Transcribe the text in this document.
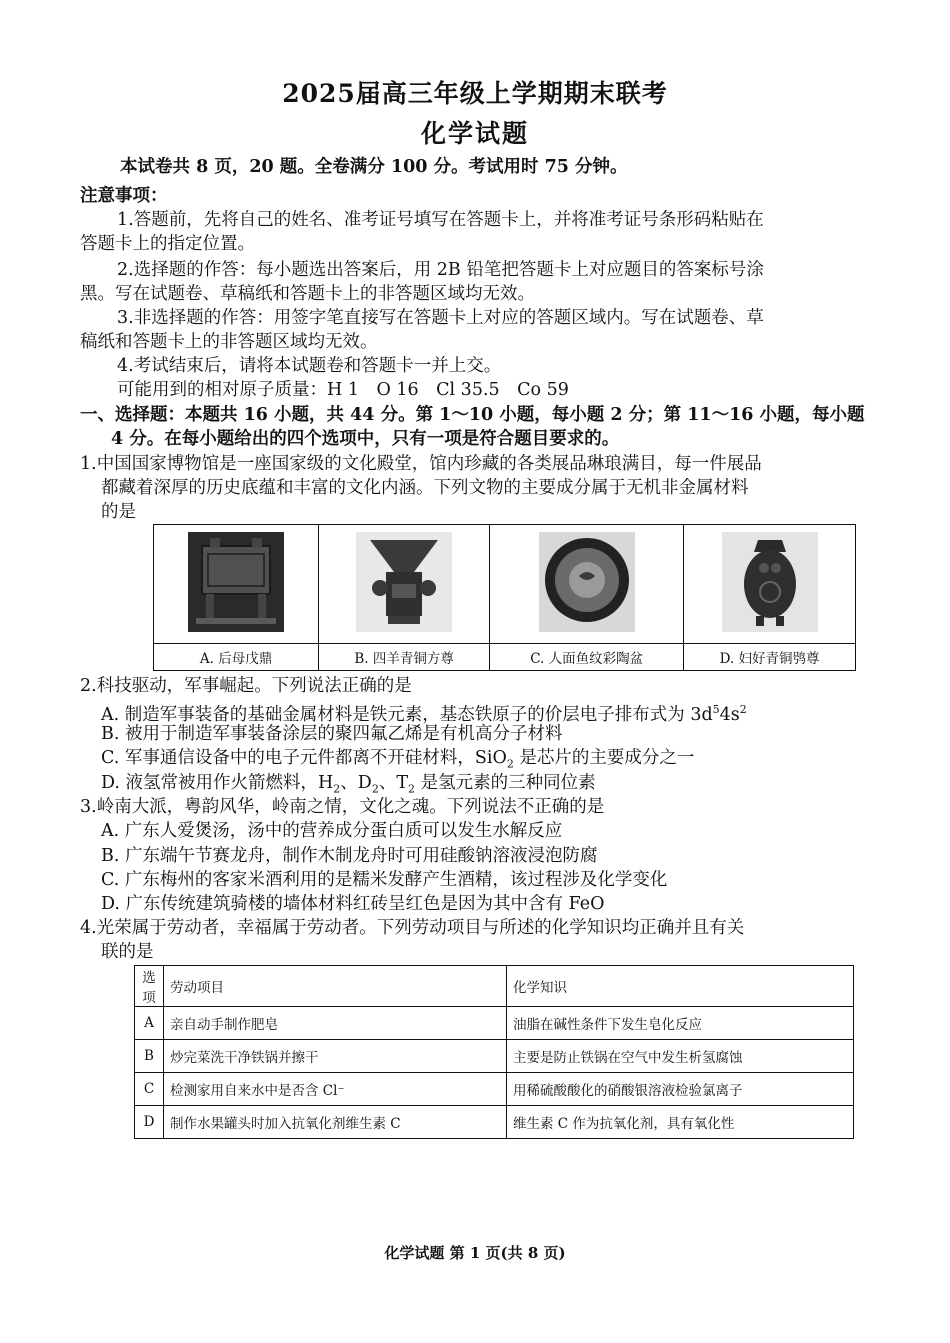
2025届高三年级上学期期末联考
化学试题
本试卷共 8 页，20 题。全卷满分 100 分。考试用时 75 分钟。
注意事项：
1.答题前，先将自己的姓名、准考证号填写在答题卡上，并将准考证号条形码粘贴在
答题卡上的指定位置。
2.选择题的作答：每小题选出答案后，用 2B 铅笔把答题卡上对应题目的答案标号涂
黑。写在试题卷、草稿纸和答题卡上的非答题区域均无效。
3.非选择题的作答：用签字笔直接写在答题卡上对应的答题区域内。写在试题卷、草
稿纸和答题卡上的非答题区域均无效。
4.考试结束后，请将本试题卷和答题卡一并上交。
可能用到的相对原子质量：H 1　O 16　Cl 35.5　Co 59
一、选择题：本题共 16 小题，共 44 分。第 1～10 小题，每小题 2 分；第 11～16 小题，每小题
4 分。在每小题给出的四个选项中，只有一项是符合题目要求的。
1.中国国家博物馆是一座国家级的文化殿堂，馆内珍藏的各类展品琳琅满目，每一件展品
都藏着深厚的历史底蕴和丰富的文化内涵。下列文物的主要成分属于无机非金属材料
的是

A. 后母戊鼎	B. 四羊青铜方尊	C. 人面鱼纹彩陶盆	D. 妇好青铜鸮尊
2.科技驱动，军事崛起。下列说法正确的是
A. 制造军事装备的基础金属材料是铁元素，基态铁原子的价层电子排布式为 $3d^54s^2$
B. 被用于制造军事装备涂层的聚四氟乙烯是有机高分子材料
C. 军事通信设备中的电子元件都离不开硅材料，SiO$_2$ 是芯片的主要成分之一
D. 液氢常被用作火箭燃料，$H_2$、$D_2$、$T_2$ 是氢元素的三种同位素
3.岭南大派，粤韵风华，岭南之情，文化之魂。下列说法不正确的是
A. 广东人爱煲汤，汤中的营养成分蛋白质可以发生水解反应
B. 广东端午节赛龙舟，制作木制龙舟时可用硅酸钠溶液浸泡防腐
C. 广东梅州的客家米酒利用的是糯米发酵产生酒精，该过程涉及化学变化
D. 广东传统建筑骑楼的墙体材料红砖呈红色是因为其中含有 FeO
4.光荣属于劳动者，幸福属于劳动者。下列劳动项目与所述的化学知识均正确并且有关
联的是
选项	劳动项目	化学知识
A	亲自动手制作肥皂	油脂在碱性条件下发生皂化反应
B	炒完菜洗干净铁锅并擦干	主要是防止铁锅在空气中发生析氢腐蚀
C	检测家用自来水中是否含 Cl⁻	用稀硫酸酸化的硝酸银溶液检验氯离子
D	制作水果罐头时加入抗氧化剂维生素 C	维生素 C 作为抗氧化剂，具有氧化性
化学试题 第 1 页(共 8 页)
